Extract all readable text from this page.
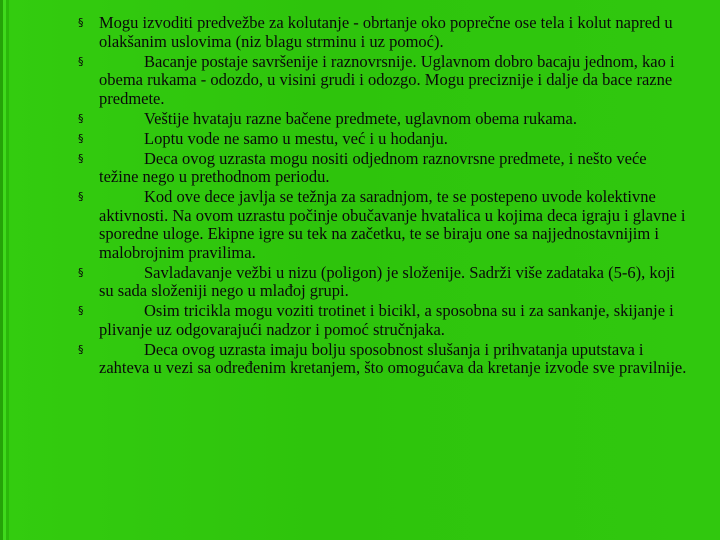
§ Mogu izvoditi predvežbe za kolutanje - obrtanje oko poprečne ose tela i kolut napred u olakšanim uslovima (niz blagu strminu i uz pomoć).
§	Bacanje postaje savršenije i raznovrsnije. Uglavnom dobro bacaju jednom, kao i obema rukama - odozdo, u visini grudi i odozgo. Mogu preciznije i dalje da bace razne predmete.
§	Veštije hvataju razne bačene predmete, uglavnom obema rukama.
§	Loptu vode ne samo u mestu, već i u hodanju.
§	Deca ovog uzrasta mogu nositi odjednom raznovrsne predmete, i nešto veće težine nego u prethodnom periodu.
§	Kod ove dece javlja se težnja za saradnjom, te se postepeno uvode kolektivne aktivnosti. Na ovom uzrastu počinje obučavanje hvatalica u kojima deca igraju i glavne i sporedne uloge. Ekipne igre su tek na začetku, te se biraju one sa najjednostavnijim i malobrojnim pravilima.
§	Savladavanje vežbi u nizu (poligon) je složenije. Sadrži više zadataka (5-6), koji su sada složeniji nego u mlađoj grupi.
§	Osim tricikla mogu voziti trotinet i bicikl, a sposobna su i za sankanje, skijanje i plivanje uz odgovarajući nadzor i pomoć stručnjaka.
§	Deca ovog uzrasta imaju bolju sposobnost slušanja i prihvatanja uputstava i zahteva u vezi sa određenim kretanjem, što omogućava da kretanje izvode sve pravilnije.
